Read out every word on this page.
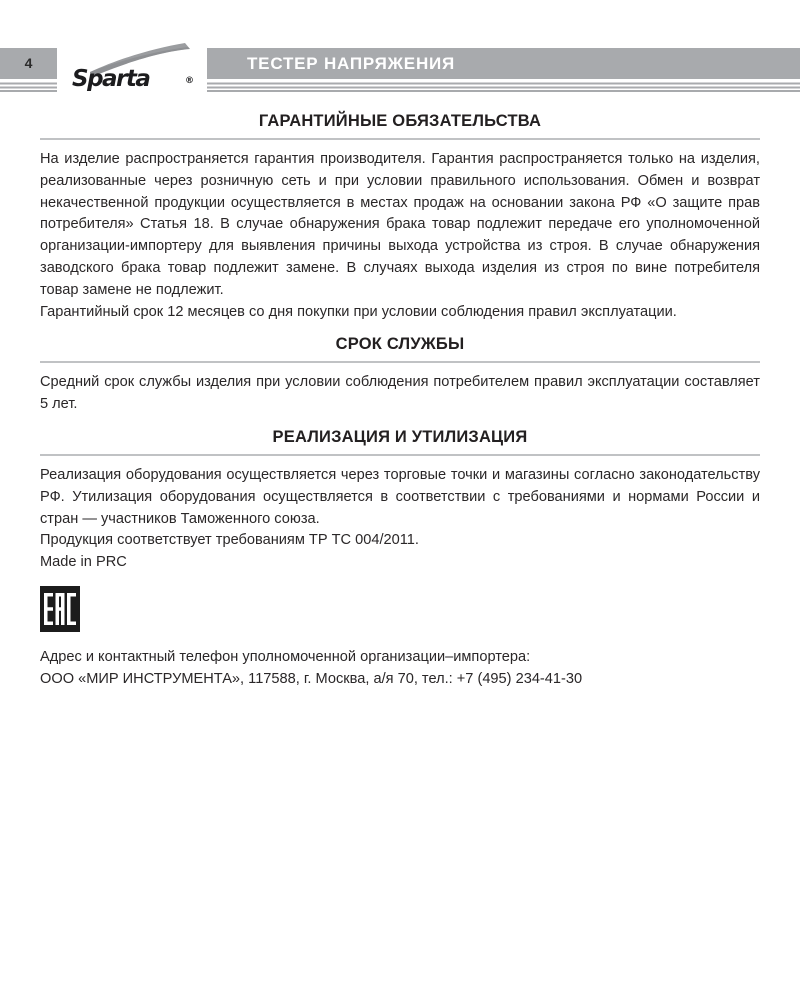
4
Sparta	®
ТЕСТЕР НАПРЯЖЕНИЯ
ГАРАНТИЙНЫЕ ОБЯЗАТЕЛЬСТВА

На изделие распространяется гарантия производителя. Гарантия распространяется только на изделия, реализованные через розничную сеть и при условии правильного использования. Обмен и возврат некачественной продукции осуществляется в местах продаж на основании закона РФ «О защите прав потребителя» Статья 18. В случае обнаружения брака товар подлежит передаче его уполномоченной организации-импортеру для выявления причины выхода устройства из строя. В случае обнаружения заводского брака товар подлежит замене. В случаях выхода изделия из строя по вине потребителя товар замене не подлежит.

Гарантийный срок 12 месяцев со дня покупки при условии соблюдения правил эксплуатации.

СРОК СЛУЖБЫ

Средний срок службы изделия при условии соблюдения потребителем правил эксплуатации составляет 5 лет.

РЕАЛИЗАЦИЯ И УТИЛИЗАЦИЯ

Реализация оборудования осуществляется через торговые точки и магазины согласно законодательству РФ. Утилизация оборудования осуществляется в соответствии с требованиями и нормами России и стран — участников Таможенного союза.

Продукция соответствует требованиям ТР ТС 004/2011.

Made in PRC

Адрес и контактный телефон уполномоченной организации–импортера:

ООО «МИР ИНСТРУМЕНТА», 117588, г. Москва, а/я 70, тел.: +7 (495) 234-41-30
